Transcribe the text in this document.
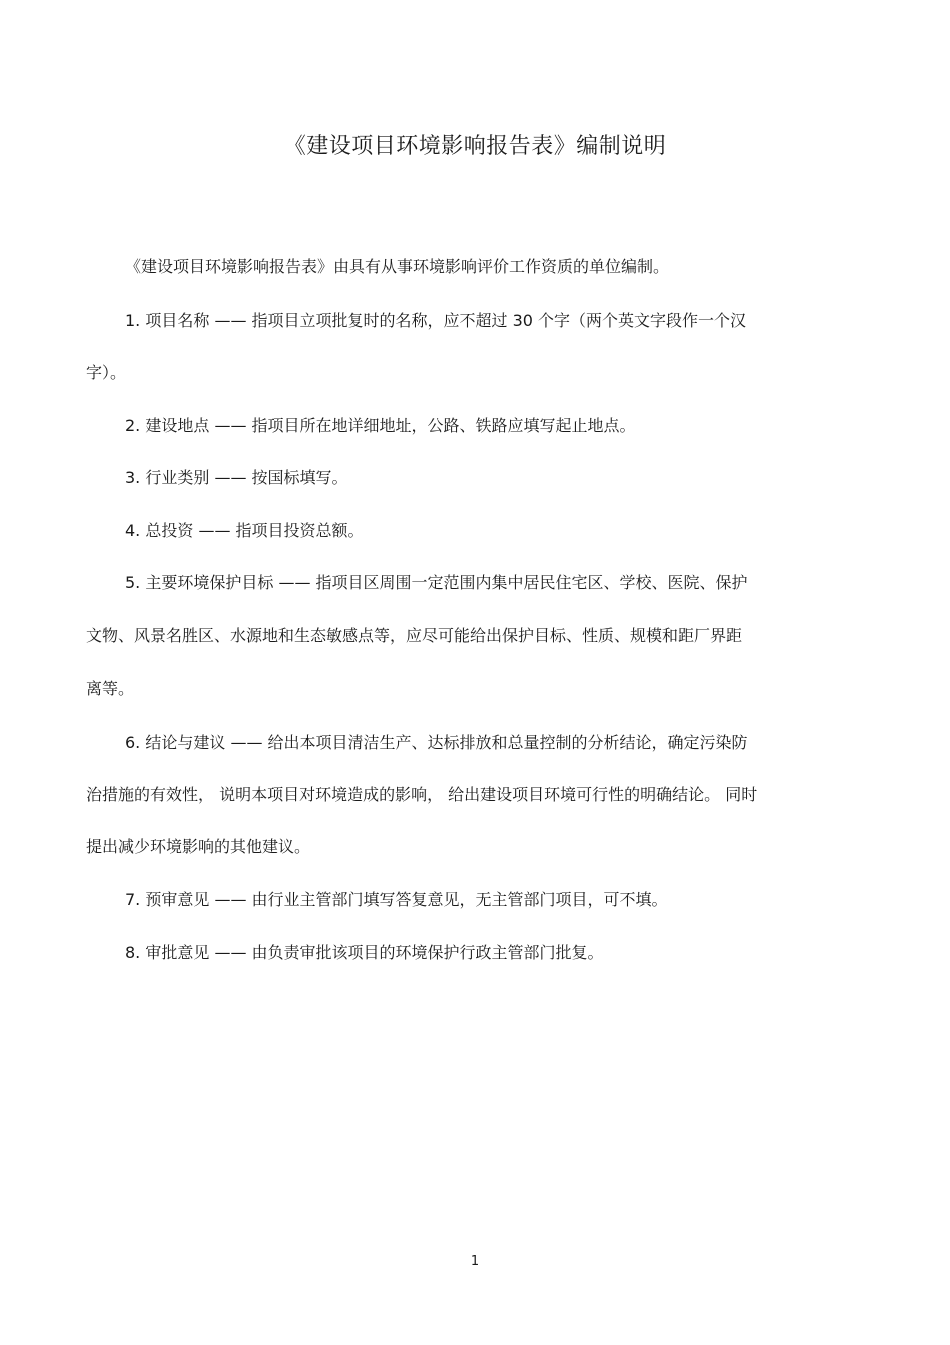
《建设项目环境影响报告表》编制说明
《建设项目环境影响报告表》由具有从事环境影响评价工作资质的单位编制。
1. 项目名称 —— 指项目立项批复时的名称，应不超过 30 个字（两个英文字段作一个汉
字）。
2. 建设地点 —— 指项目所在地详细地址，公路、铁路应填写起止地点。
3. 行业类别 —— 按国标填写。
4. 总投资 —— 指项目投资总额。
5. 主要环境保护目标 —— 指项目区周围一定范围内集中居民住宅区、学校、医院、保护
文物、风景名胜区、水源地和生态敏感点等，应尽可能给出保护目标、性质、规模和距厂界距
离等。
6. 结论与建议 —— 给出本项目清洁生产、达标排放和总量控制的分析结论，确定污染防
治措施的有效性， 说明本项目对环境造成的影响， 给出建设项目环境可行性的明确结论。 同时
提出减少环境影响的其他建议。
7. 预审意见 —— 由行业主管部门填写答复意见，无主管部门项目，可不填。
8. 审批意见 —— 由负责审批该项目的环境保护行政主管部门批复。
1
